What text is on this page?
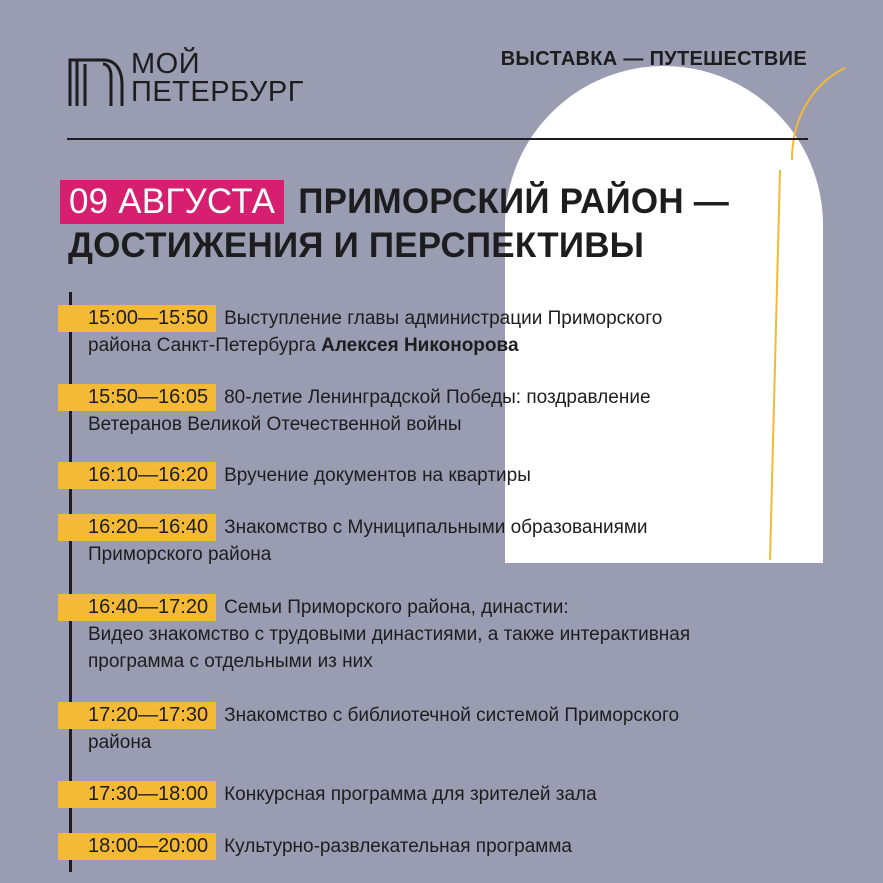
МОЙ
ПЕТЕРБУРГ
ВЫСТАВКА — ПУТЕШЕСТВИЕ
09 АВГУСТА ПРИМОРСКИЙ РАЙОН —
ДОСТИЖЕНИЯ И ПЕРСПЕКТИВЫ
15:00—15:50 Выступление главы администрации Приморского
района Санкт-Петербурга Алексея Никонорова
15:50—16:05 80-летие Ленинградской Победы: поздравление
Ветеранов Великой Отечественной войны
16:10—16:20 Вручение документов на квартиры
16:20—16:40 Знакомство с Муниципальными образованиями
Приморского района
16:40—17:20 Семьи Приморского района, династии:
Видео знакомство с трудовыми династиями, а также интерактивная
программа с отдельными из них
17:20—17:30 Знакомство с библиотечной системой Приморского
района
17:30—18:00 Конкурсная программа для зрителей зала
18:00—20:00 Культурно-развлекательная программа
